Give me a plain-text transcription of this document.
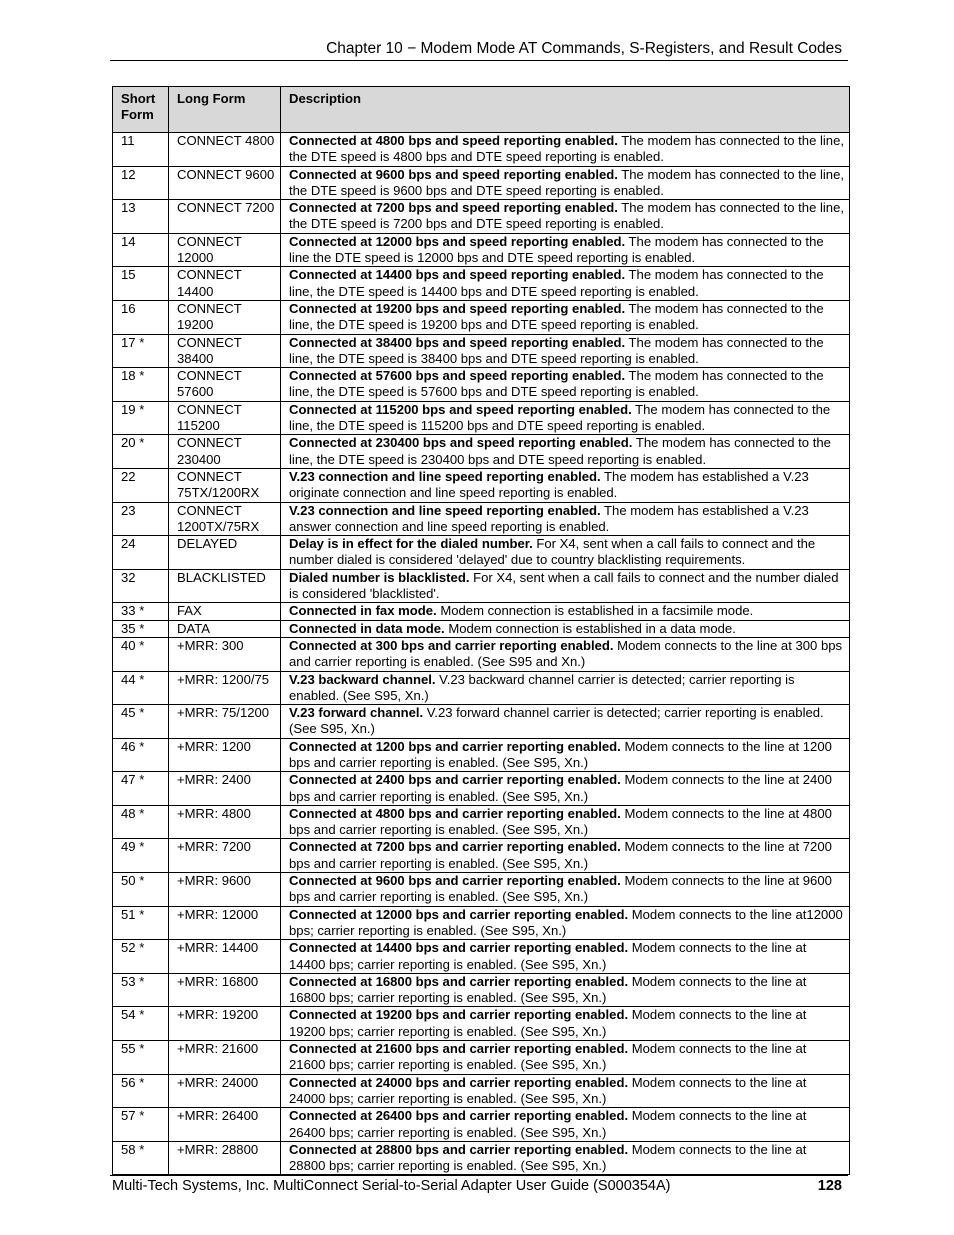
Chapter 10 − Modem Mode AT Commands, S-Registers, and Result Codes
Short Form	Long Form	Description
11	CONNECT 4800	Connected at 4800 bps and speed reporting enabled. The modem has connected to the line, the DTE speed is 4800 bps and DTE speed reporting is enabled.
12	CONNECT 9600	Connected at 9600 bps and speed reporting enabled. The modem has connected to the line, the DTE speed is 9600 bps and DTE speed reporting is enabled.
13	CONNECT 7200	Connected at 7200 bps and speed reporting enabled. The modem has connected to the line, the DTE speed is 7200 bps and DTE speed reporting is enabled.
14	CONNECT 12000	Connected at 12000 bps and speed reporting enabled. The modem has connected to the line the DTE speed is 12000 bps and DTE speed reporting is enabled.
15	CONNECT 14400	Connected at 14400 bps and speed reporting enabled. The modem has connected to the line, the DTE speed is 14400 bps and DTE speed reporting is enabled.
16	CONNECT 19200	Connected at 19200 bps and speed reporting enabled. The modem has connected to the line, the DTE speed is 19200 bps and DTE speed reporting is enabled.
17 *	CONNECT 38400	Connected at 38400 bps and speed reporting enabled. The modem has connected to the line, the DTE speed is 38400 bps and DTE speed reporting is enabled.
18 *	CONNECT 57600	Connected at 57600 bps and speed reporting enabled. The modem has connected to the line, the DTE speed is 57600 bps and DTE speed reporting is enabled.
19 *	CONNECT 115200	Connected at 115200 bps and speed reporting enabled. The modem has connected to the line, the DTE speed is 115200 bps and DTE speed reporting is enabled.
20 *	CONNECT 230400	Connected at 230400 bps and speed reporting enabled. The modem has connected to the line, the DTE speed is 230400 bps and DTE speed reporting is enabled.
22	CONNECT 75TX/1200RX	V.23 connection and line speed reporting enabled. The modem has established a V.23 originate connection and line speed reporting is enabled.
23	CONNECT 1200TX/75RX	V.23 connection and line speed reporting enabled. The modem has established a V.23 answer connection and line speed reporting is enabled.
24	DELAYED	Delay is in effect for the dialed number. For X4, sent when a call fails to connect and the number dialed is considered 'delayed' due to country blacklisting requirements.
32	BLACKLISTED	Dialed number is blacklisted. For X4, sent when a call fails to connect and the number dialed is considered 'blacklisted'.
33 *	FAX	Connected in fax mode. Modem connection is established in a facsimile mode.
35 *	DATA	Connected in data mode. Modem connection is established in a data mode.
40 *	+MRR: 300	Connected at 300 bps and carrier reporting enabled. Modem connects to the line at 300 bps and carrier reporting is enabled. (See S95 and Xn.)
44 *	+MRR: 1200/75	V.23 backward channel. V.23 backward channel carrier is detected; carrier reporting is enabled. (See S95, Xn.)
45 *	+MRR: 75/1200	V.23 forward channel. V.23 forward channel carrier is detected; carrier reporting is enabled. (See S95, Xn.)
46 *	+MRR: 1200	Connected at 1200 bps and carrier reporting enabled. Modem connects to the line at 1200 bps and carrier reporting is enabled. (See S95, Xn.)
47 *	+MRR: 2400	Connected at 2400 bps and carrier reporting enabled. Modem connects to the line at 2400 bps and carrier reporting is enabled. (See S95, Xn.)
48 *	+MRR: 4800	Connected at 4800 bps and carrier reporting enabled. Modem connects to the line at 4800 bps and carrier reporting is enabled. (See S95, Xn.)
49 *	+MRR: 7200	Connected at 7200 bps and carrier reporting enabled. Modem connects to the line at 7200 bps and carrier reporting is enabled. (See S95, Xn.)
50 *	+MRR: 9600	Connected at 9600 bps and carrier reporting enabled. Modem connects to the line at 9600 bps and carrier reporting is enabled. (See S95, Xn.)
51 *	+MRR: 12000	Connected at 12000 bps and carrier reporting enabled. Modem connects to the line at12000 bps; carrier reporting is enabled. (See S95, Xn.)
52 *	+MRR: 14400	Connected at 14400 bps and carrier reporting enabled. Modem connects to the line at 14400 bps; carrier reporting is enabled. (See S95, Xn.)
53 *	+MRR: 16800	Connected at 16800 bps and carrier reporting enabled. Modem connects to the line at 16800 bps; carrier reporting is enabled. (See S95, Xn.)
54 *	+MRR: 19200	Connected at 19200 bps and carrier reporting enabled. Modem connects to the line at 19200 bps; carrier reporting is enabled. (See S95, Xn.)
55 *	+MRR: 21600	Connected at 21600 bps and carrier reporting enabled. Modem connects to the line at 21600 bps; carrier reporting is enabled. (See S95, Xn.)
56 *	+MRR: 24000	Connected at 24000 bps and carrier reporting enabled. Modem connects to the line at 24000 bps; carrier reporting is enabled. (See S95, Xn.)
57 *	+MRR: 26400	Connected at 26400 bps and carrier reporting enabled. Modem connects to the line at 26400 bps; carrier reporting is enabled. (See S95, Xn.)
58 *	+MRR: 28800	Connected at 28800 bps and carrier reporting enabled. Modem connects to the line at 28800 bps; carrier reporting is enabled. (See S95, Xn.)
Multi-Tech Systems, Inc. MultiConnect Serial-to-Serial Adapter User Guide (S000354A)	128
